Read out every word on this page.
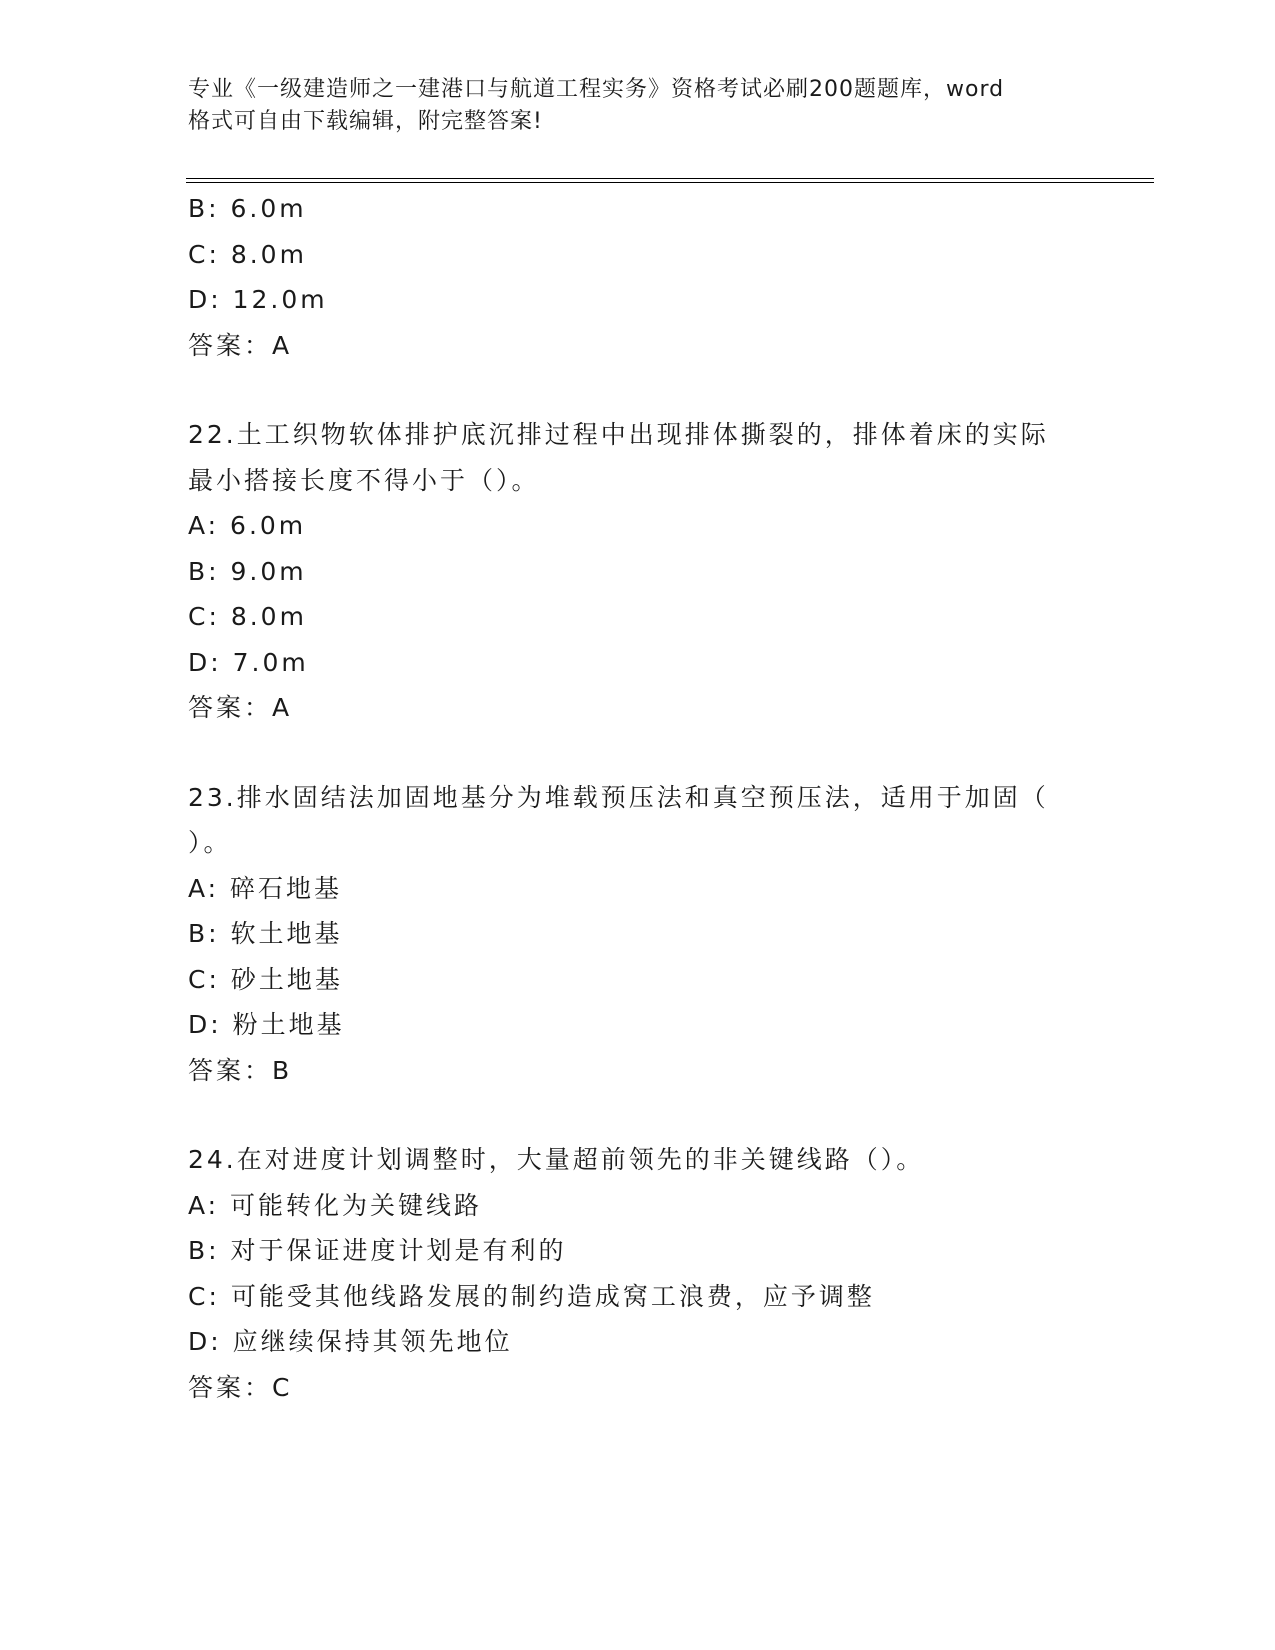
专业《一级建造师之一建港口与航道工程实务》资格考试必刷200题题库，word
格式可自由下载编辑，附完整答案!
B: 6.0m
C: 8.0m
D: 12.0m
答案：A
22.土工织物软体排护底沉排过程中出现排体撕裂的，排体着床的实际
最小搭接长度不得小于（）。
A: 6.0m
B: 9.0m
C: 8.0m
D: 7.0m
答案：A
23.排水固结法加固地基分为堆载预压法和真空预压法，适用于加固（
）。
A: 碎石地基
B: 软土地基
C: 砂土地基
D: 粉土地基
答案：B
24.在对进度计划调整时，大量超前领先的非关键线路（）。
A: 可能转化为关键线路
B: 对于保证进度计划是有利的
C: 可能受其他线路发展的制约造成窝工浪费，应予调整
D: 应继续保持其领先地位
答案：C
